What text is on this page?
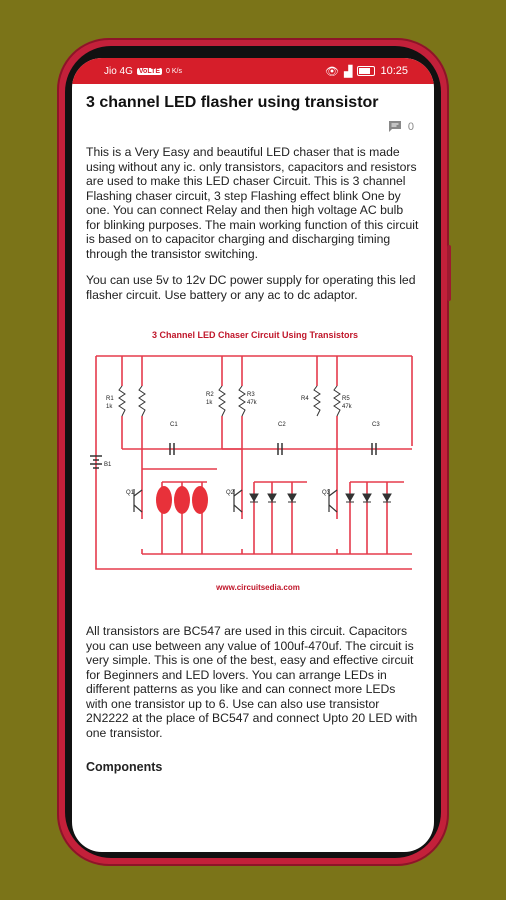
Jio 4G VoLTE 0 K/s	👁 ▟	10:25
3 channel LED flasher using transistor
0

This is a Very Easy and beautiful LED chaser that is made using without any ic. only transistors, capacitors and resistors are used to make this LED chaser Circuit. This is 3 channel Flashing chaser circuit, 3 step Flashing effect blink One by one. You can connect Relay and then high voltage AC bulb for blinking purposes. The main working function of this circuit is based on to capacitor charging and discharging timing through the transistor switching.

You can use 5v to 12v DC power supply for operating this led flasher circuit. Use battery or any ac to dc adaptor.

3 Channel LED Chaser Circuit Using Transistors
R1
1k
R2
1k
R3
47k
R4	R5
47k
C1	C2	C3
Q1	Q2	Q3
B1
www.circuitsedia.com

All transistors are BC547 are used in this circuit. Capacitors you can use between any value of 100uf-470uf. The circuit is very simple. This is one of the best, easy and effective circuit for Beginners and LED lovers. You can arrange LEDs in different patterns as you like and can connect more LEDs with one transistor up to 6. Use can also use transistor 2N2222 at the place of BC547 and connect Upto 20 LED with one transistor.

Components
